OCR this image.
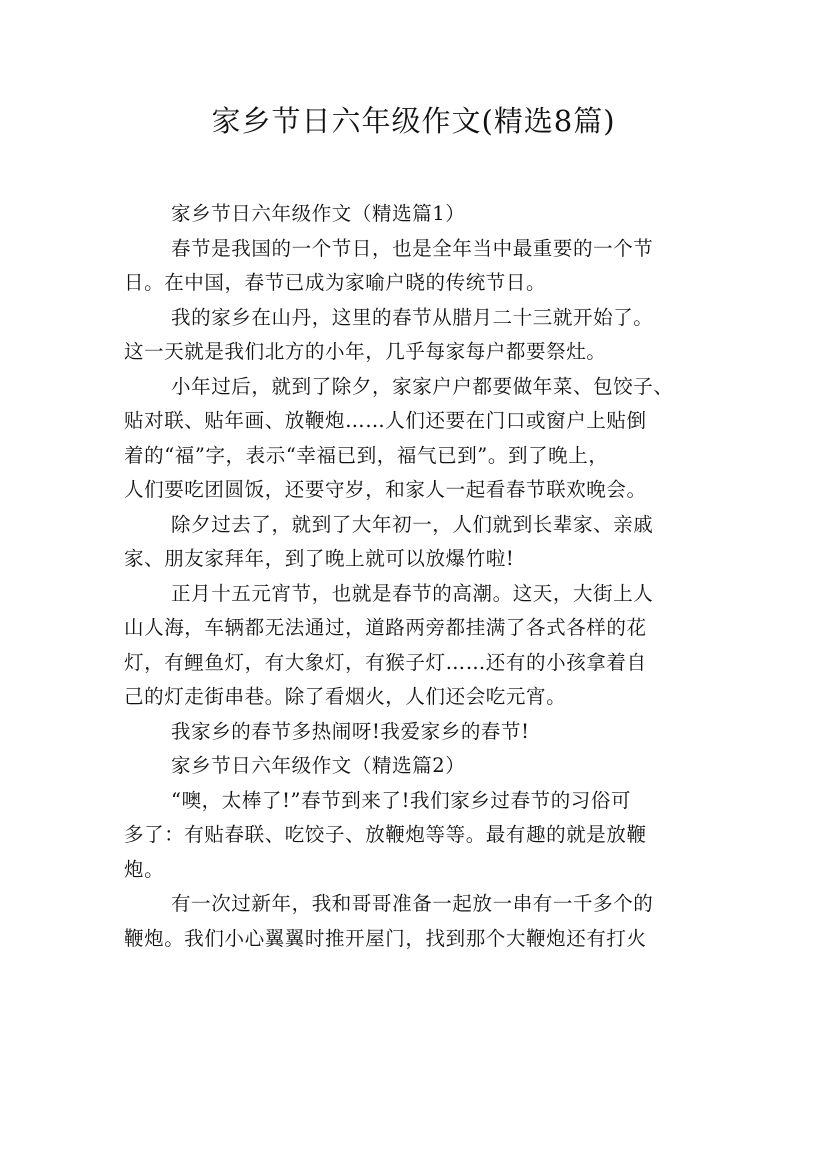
家乡节日六年级作文(精选8篇)
家乡节日六年级作文（精选篇1）
春节是我国的一个节日，也是全年当中最重要的一个节
日。在中国，春节已成为家喻户晓的传统节日。
我的家乡在山丹，这里的春节从腊月二十三就开始了。
这一天就是我们北方的小年，几乎每家每户都要祭灶。
小年过后，就到了除夕，家家户户都要做年菜、包饺子、
贴对联、贴年画、放鞭炮……人们还要在门口或窗户上贴倒
着的“福”字，表示“幸福已到，福气已到”。到了晚上，
人们要吃团圆饭，还要守岁，和家人一起看春节联欢晚会。
除夕过去了，就到了大年初一，人们就到长辈家、亲戚
家、朋友家拜年，到了晚上就可以放爆竹啦!
正月十五元宵节，也就是春节的高潮。这天，大街上人
山人海，车辆都无法通过，道路两旁都挂满了各式各样的花
灯，有鲤鱼灯，有大象灯，有猴子灯……还有的小孩拿着自
己的灯走街串巷。除了看烟火，人们还会吃元宵。
我家乡的春节多热闹呀!我爱家乡的春节!
家乡节日六年级作文（精选篇2）
“噢，太棒了!”春节到来了!我们家乡过春节的习俗可
多了：有贴春联、吃饺子、放鞭炮等等。最有趣的就是放鞭
炮。
有一次过新年，我和哥哥准备一起放一串有一千多个的
鞭炮。我们小心翼翼时推开屋门，找到那个大鞭炮还有打火
